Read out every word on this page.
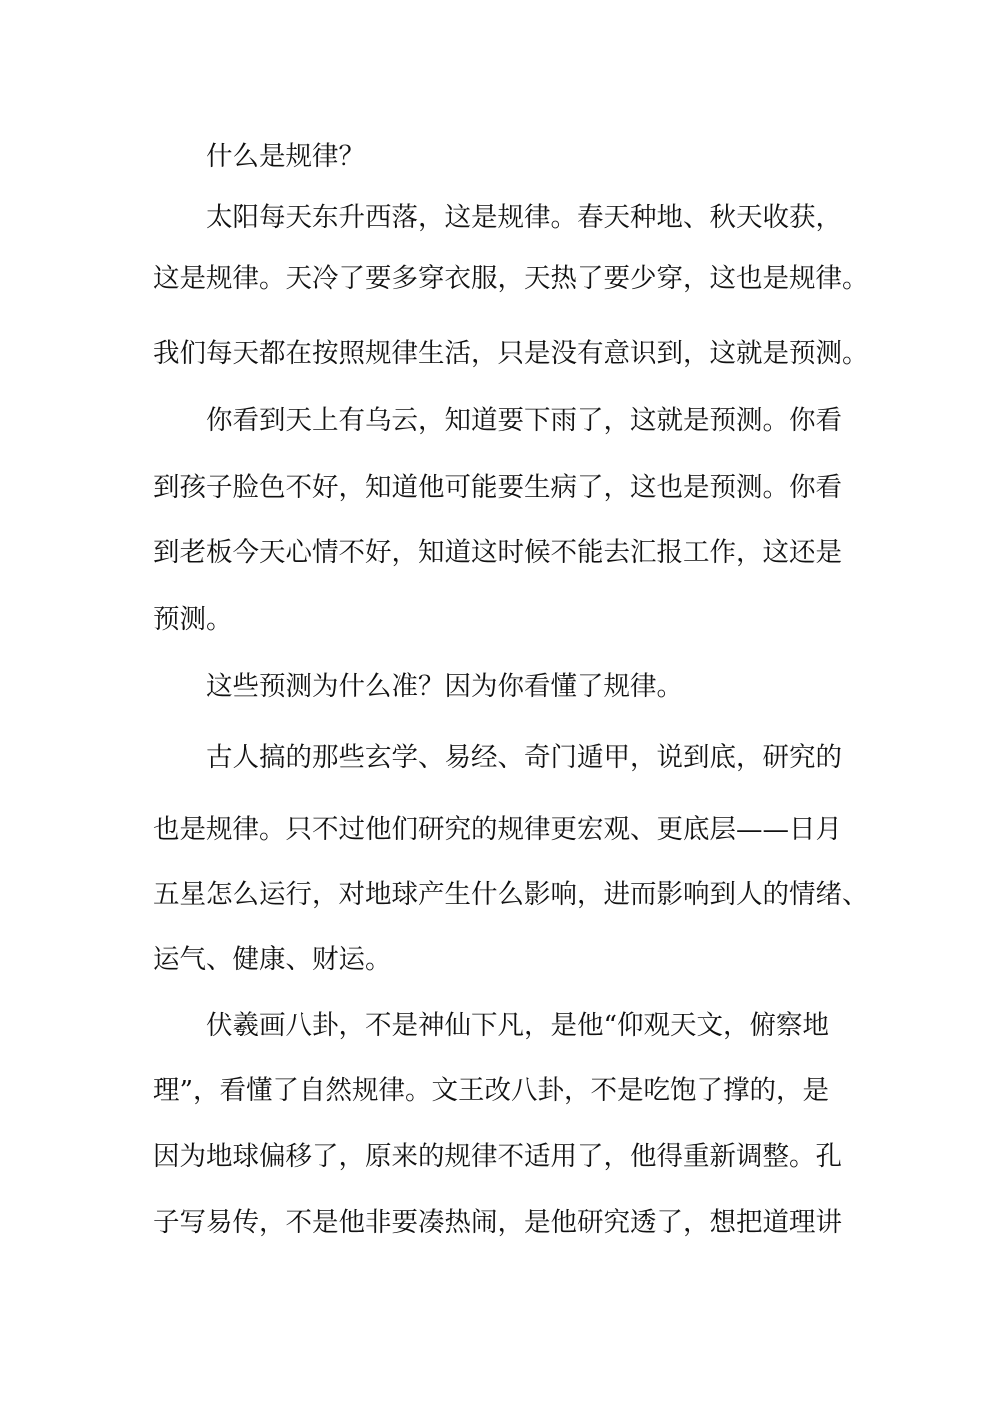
什么是规律？
太阳每天东升西落，这是规律。春天种地、秋天收获，
这是规律。天冷了要多穿衣服，天热了要少穿，这也是规律。
我们每天都在按照规律生活，只是没有意识到，这就是预测。
你看到天上有乌云，知道要下雨了，这就是预测。你看
到孩子脸色不好，知道他可能要生病了，这也是预测。你看
到老板今天心情不好，知道这时候不能去汇报工作，这还是
预测。
这些预测为什么准？因为你看懂了规律。
古人搞的那些玄学、易经、奇门遁甲，说到底，研究的
也是规律。只不过他们研究的规律更宏观、更底层——日月
五星怎么运行，对地球产生什么影响，进而影响到人的情绪、
运气、健康、财运。
伏羲画八卦，不是神仙下凡，是他“仰观天文，俯察地
理”，看懂了自然规律。文王改八卦，不是吃饱了撑的，是
因为地球偏移了，原来的规律不适用了，他得重新调整。孔
子写易传，不是他非要凑热闹，是他研究透了，想把道理讲
